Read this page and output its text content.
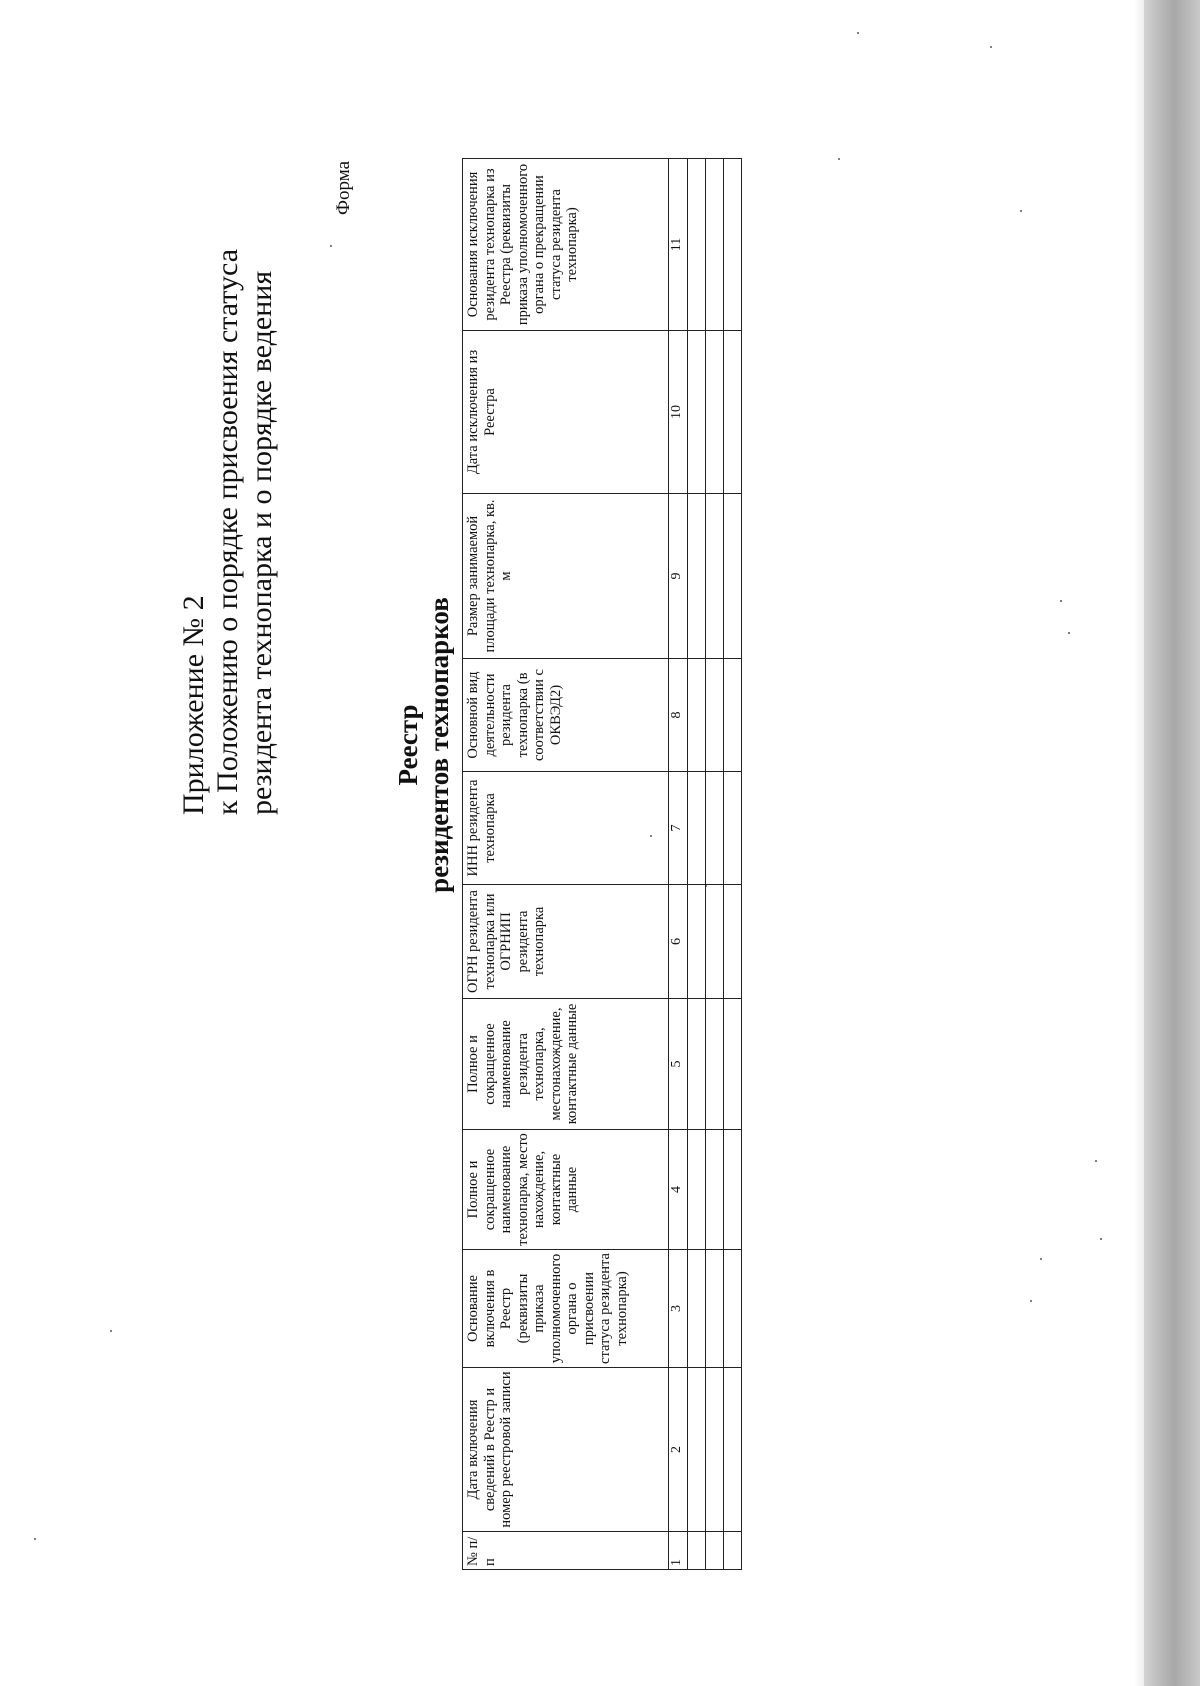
Приложение № 2 к Положению о порядке присвоения статуса резидента технопарка и о порядке ведения
Форма
Реестр резидентов технопарков
№ п/п	Дата включения сведений в Реестр и номер реестровой записи	Основание включения в Реестр (реквизиты приказа уполномоченного органа о присвоении статуса резидента технопарка)	Полное и сокращенное наименование технопарка, место нахождение, контактные данные	Полное и сокращенное наименование резидента технопарка, местонахождение, контактные данные	ОГРН резидента технопарка или ОГРНИП резидента технопарка	ИНН резидента технопарка	Основной вид деятельности резидента технопарка (в соответствии с ОКВЭД2)	Размер занимаемой площади технопарка, кв. м	Дата исключения из Реестра	Основания исключения резидента технопарка из Реестра (реквизиты приказа уполномоченного органа о прекращении статуса резидента технопарка)
1	2	3	4	5	6	7	8	9	10	11
